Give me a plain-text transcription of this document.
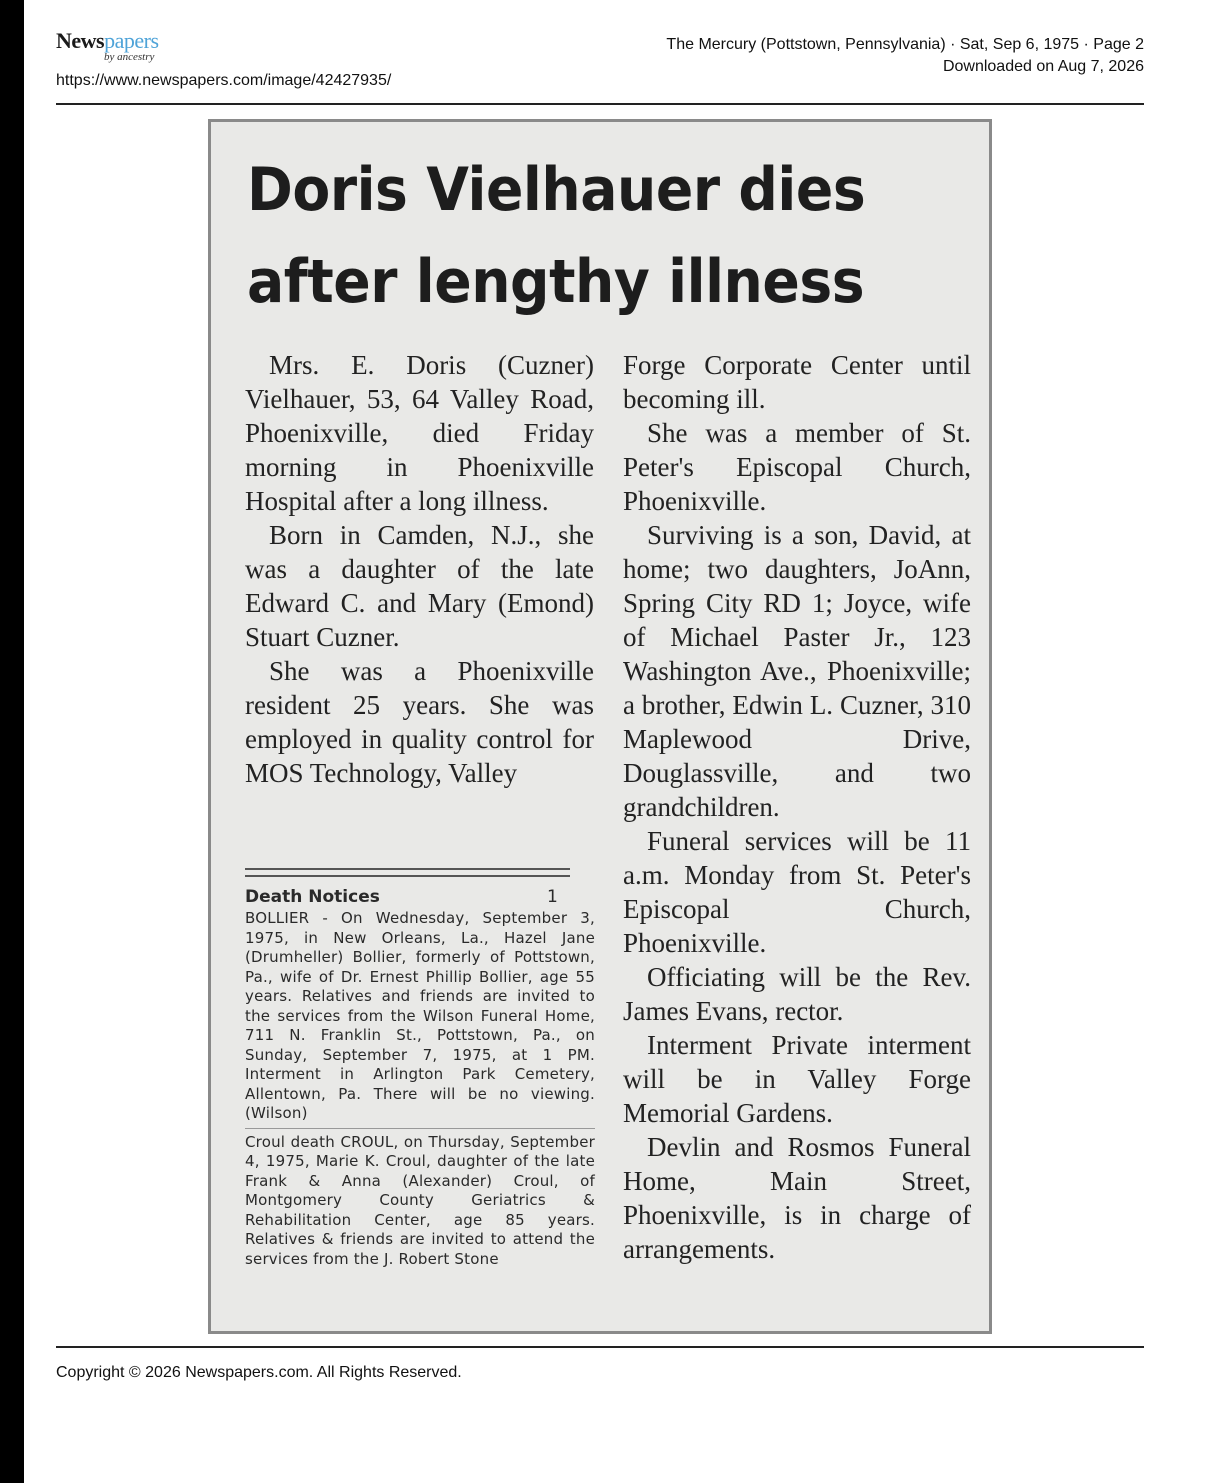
Newspapers
by ancestry
https://www.newspapers.com/image/42427935/
The Mercury (Pottstown, Pennsylvania) · Sat, Sep 6, 1975 · Page 2
Downloaded on Aug 7, 2026
Doris Vielhauer dies
after lengthy illness

Mrs. E. Doris (Cuzner) Vielhauer, 53, 64 Valley Road, Phoenixville, died Friday morning in Phoenixville Hospital after a long illness.

Born in Camden, N.J., she was a daughter of the late Edward C. and Mary (Emond) Stuart Cuzner.

She was a Phoenixville resident 25 years. She was employed in quality control for MOS Technology, Valley

Forge Corporate Center until becoming ill.

She was a member of St. Peter's Episcopal Church, Phoenixville.

Surviving is a son, David, at home; two daughters, JoAnn, Spring City RD 1; Joyce, wife of Michael Paster Jr., 123 Washington Ave., Phoenixville; a brother, Edwin L. Cuzner, 310 Maplewood Drive, Douglassville, and two grandchildren.

Funeral services will be 11 a.m. Monday from St. Peter's Episcopal Church, Phoenixville.

Officiating will be the Rev. James Evans, rector.

Interment Private interment will be in Valley Forge Memorial Gardens.

Devlin and Rosmos Funeral Home, Main Street, Phoenixville, is in charge of arrangements.

Death Notices	1
BOLLIER - On Wednesday, September 3, 1975, in New Orleans, La., Hazel Jane (Drumheller) Bollier, formerly of Pottstown, Pa., wife of Dr. Ernest Phillip Bollier, age 55 years. Relatives and friends are invited to the services from the Wilson Funeral Home, 711 N. Franklin St., Pottstown, Pa., on Sunday, September 7, 1975, at 1 PM. Interment in Arlington Park Cemetery, Allentown, Pa. There will be no viewing. (Wilson)
Croul death CROUL, on Thursday, September 4, 1975, Marie K. Croul, daughter of the late Frank & Anna (Alexander) Croul, of Montgomery County Geriatrics & Rehabilitation Center, age 85 years. Relatives & friends are invited to attend the services from the J. Robert Stone
Copyright © 2026 Newspapers.com. All Rights Reserved.
